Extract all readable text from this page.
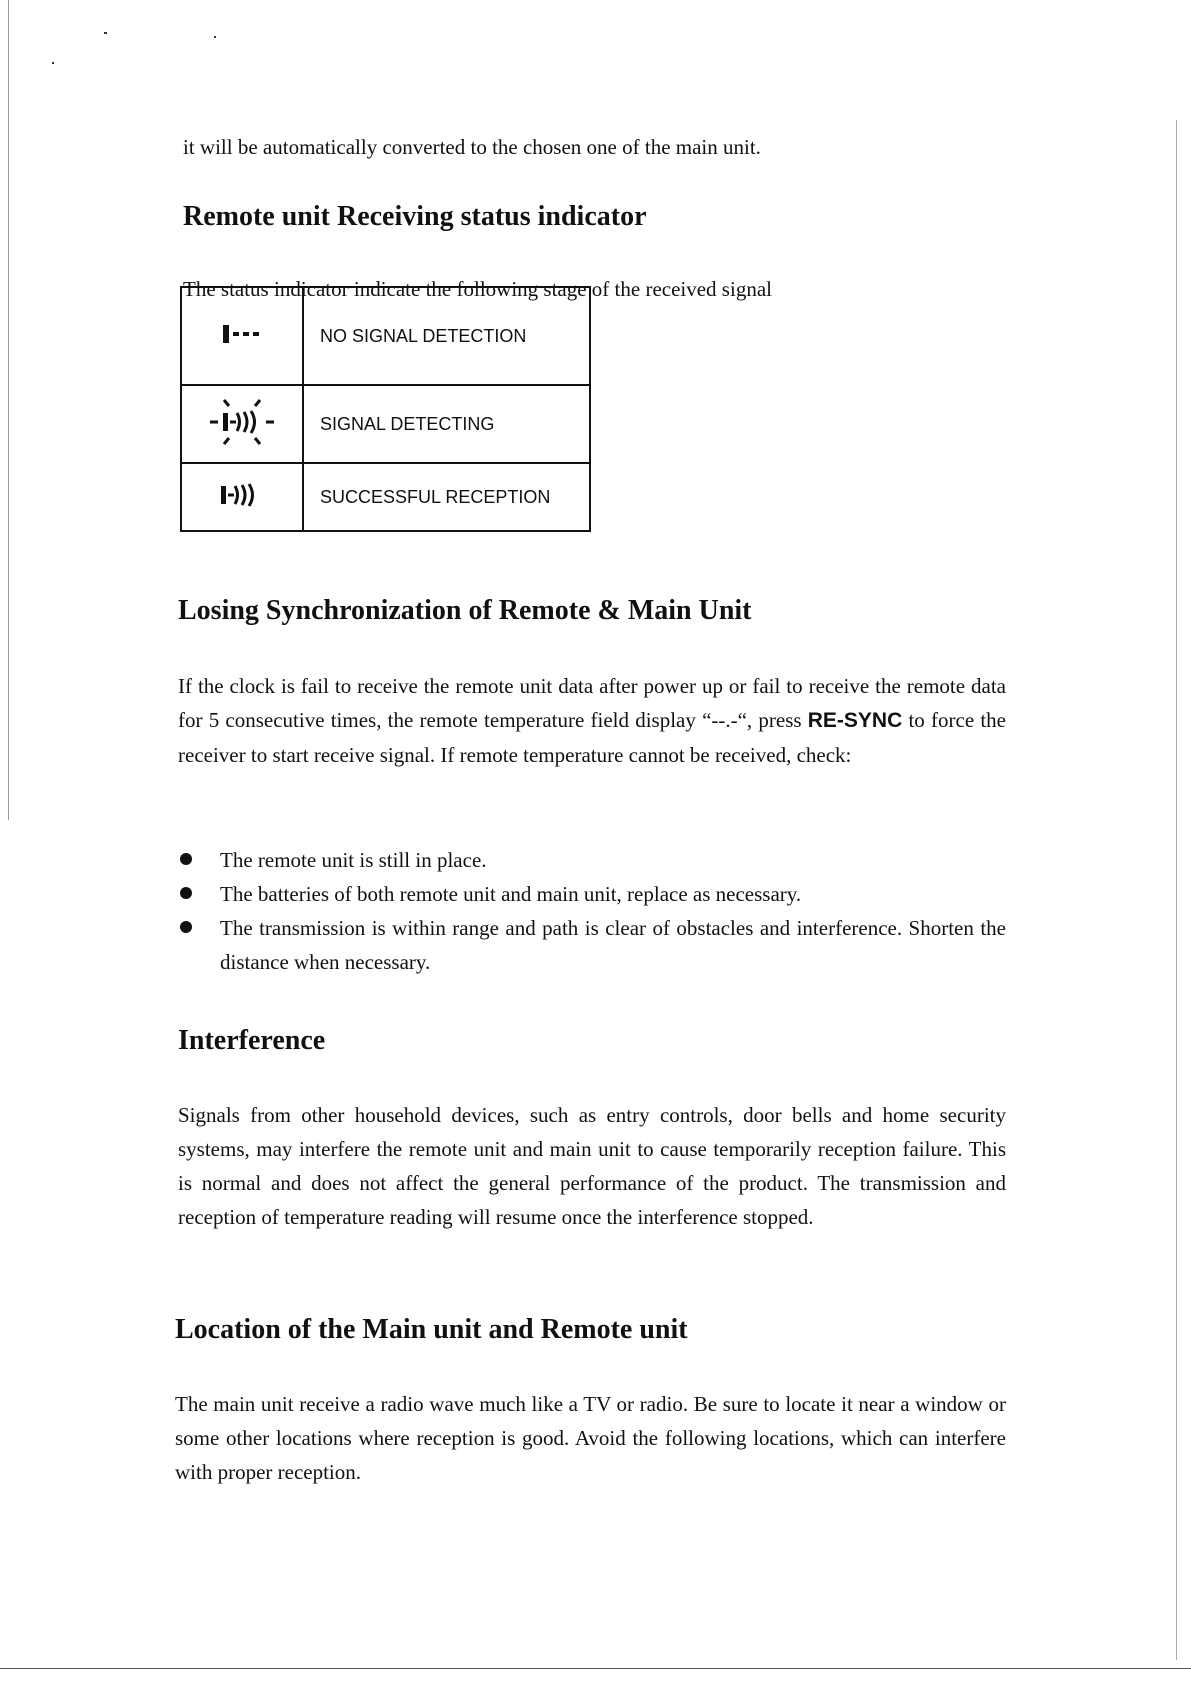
it will be automatically converted to the chosen one of the main unit.
Remote unit Receiving status indicator
The status indicator indicate the following stage of the received signal
	NO SIGNAL DETECTION
	SIGNAL DETECTING
	SUCCESSFUL RECEPTION
Losing Synchronization of Remote & Main Unit
If the clock is fail to receive the remote unit data after power up or fail to receive the remote data for 5 consecutive times, the remote temperature field display “--.-“, press RE-SYNC to force the receiver to start receive signal. If remote temperature cannot be received, check:
The remote unit is still in place.
The batteries of both remote unit and main unit, replace as necessary.
The transmission is within range and path is clear of obstacles and interference. Shorten the distance when necessary.
Interference
Signals from other household devices, such as entry controls, door bells and home security systems, may interfere the remote unit and main unit to cause temporarily reception failure. This is normal and does not affect the general performance of the product. The transmission and reception of temperature reading will resume once the interference stopped.
Location of the Main unit and Remote unit
The main unit receive a radio wave much like a TV or radio. Be sure to locate it near a window or some other locations where reception is good. Avoid the following locations, which can interfere with proper reception.
